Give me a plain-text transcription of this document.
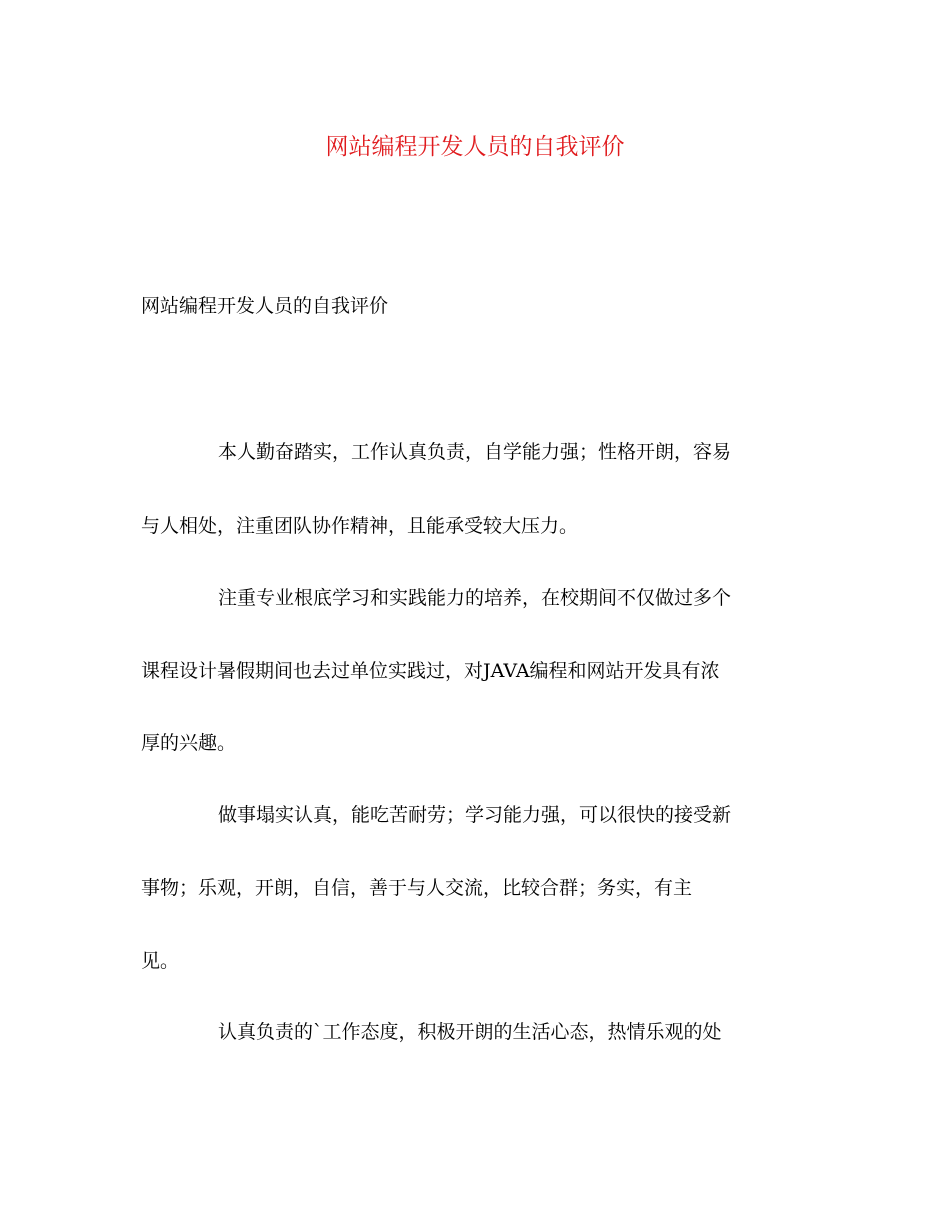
网站编程开发人员的自我评价
网站编程开发人员的自我评价
本人勤奋踏实，工作认真负责，自学能力强；性格开朗，容易
与人相处，注重团队协作精神，且能承受较大压力。
注重专业根底学习和实践能力的培养，在校期间不仅做过多个
课程设计暑假期间也去过单位实践过，对JAVA编程和网站开发具有浓
厚的兴趣。
做事塌实认真，能吃苦耐劳；学习能力强，可以很快的接受新
事物；乐观，开朗，自信，善于与人交流，比较合群；务实，有主
见。
认真负责的`工作态度，积极开朗的生活心态，热情乐观的处
